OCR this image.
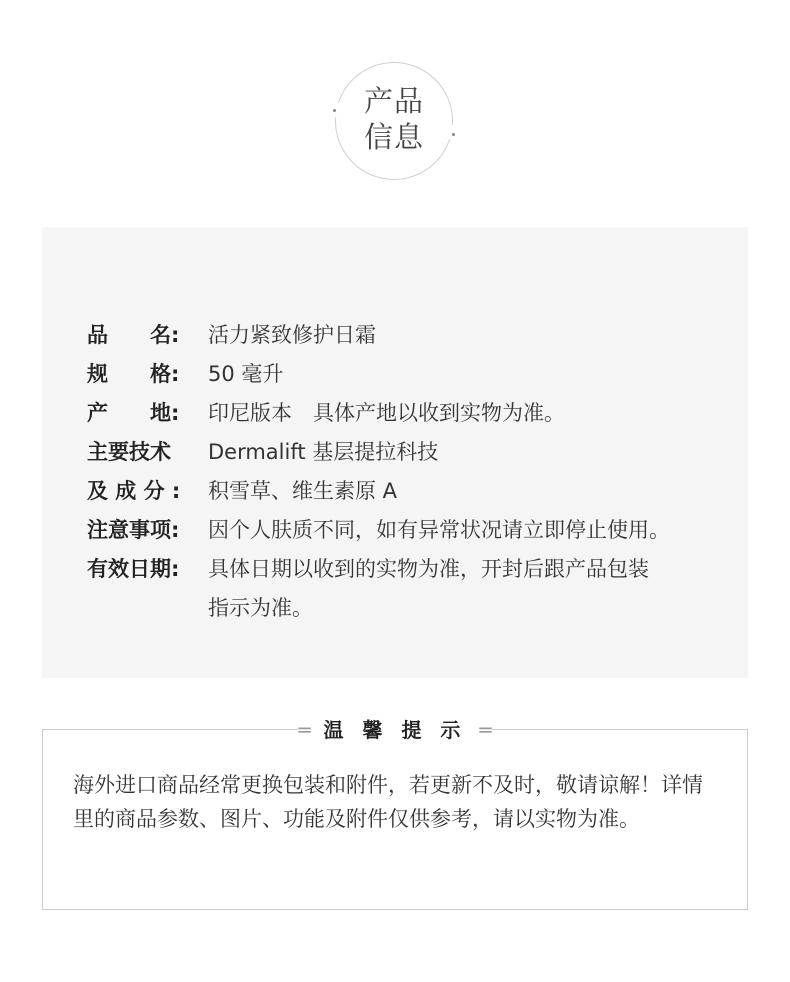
产品
信息
品　　名:	活力紧致修护日霜
规　　格:	50 毫升
产　　地:	印尼版本　具体产地以收到实物为准。
主要技术	Dermalift 基层提拉科技
及 成 分 :	积雪草、维生素原 A
注意事项:	因个人肤质不同，如有异常状况请立即停止使用。
有效日期:	具体日期以收到的实物为准，开封后跟产品包装
指示为准。
═ 温 馨 提 示 ═
海外进口商品经常更换包装和附件，若更新不及时，敬请谅解！详情里的商品参数、图片、功能及附件仅供参考，请以实物为准。
